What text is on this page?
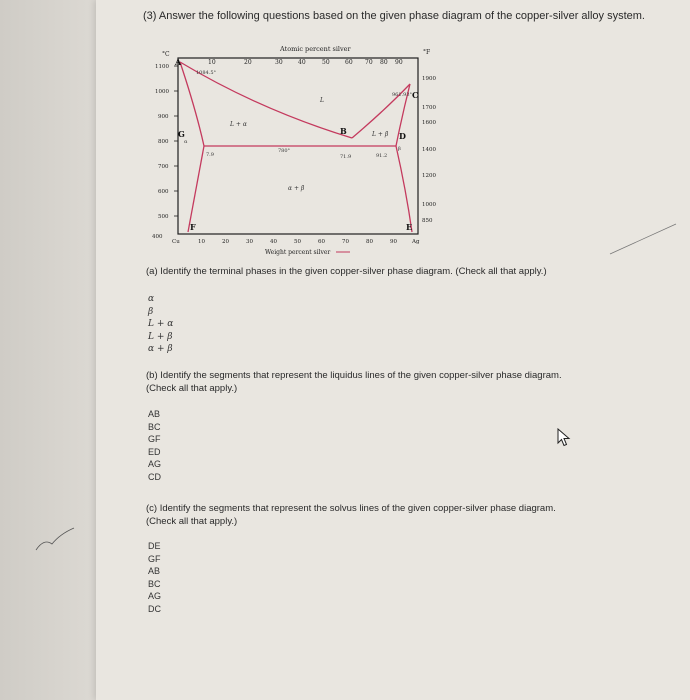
(3) Answer the following questions based on the given phase diagram of the copper-silver alloy system.
Atomic percent silver
10	20	30	40	50	60 70 80 90
°C
1100
1000
900
800
700
600
500
400
°F
1900
1700
1600
1400
1200
1000
850
Cu	10	20	30	40	50	60	70	80	90	Ag
Weight percent silver
A
B
C
D
E
F
G
1084.5°
961.93°
780°
71.9	91.2
7.9
α
β
L
L + α
L + β
α + β
(a) Identify the terminal phases in the given copper-silver phase diagram. (Check all that apply.)
α
β
L + α
L + β
α + β
(b) Identify the segments that represent the liquidus lines of the given copper-silver phase diagram.
(Check all that apply.)
AB
BC
GF
ED
AG
CD
(c) Identify the segments that represent the solvus lines of the given copper-silver phase diagram.
(Check all that apply.)
DE
GF
AB
BC
AG
DC
